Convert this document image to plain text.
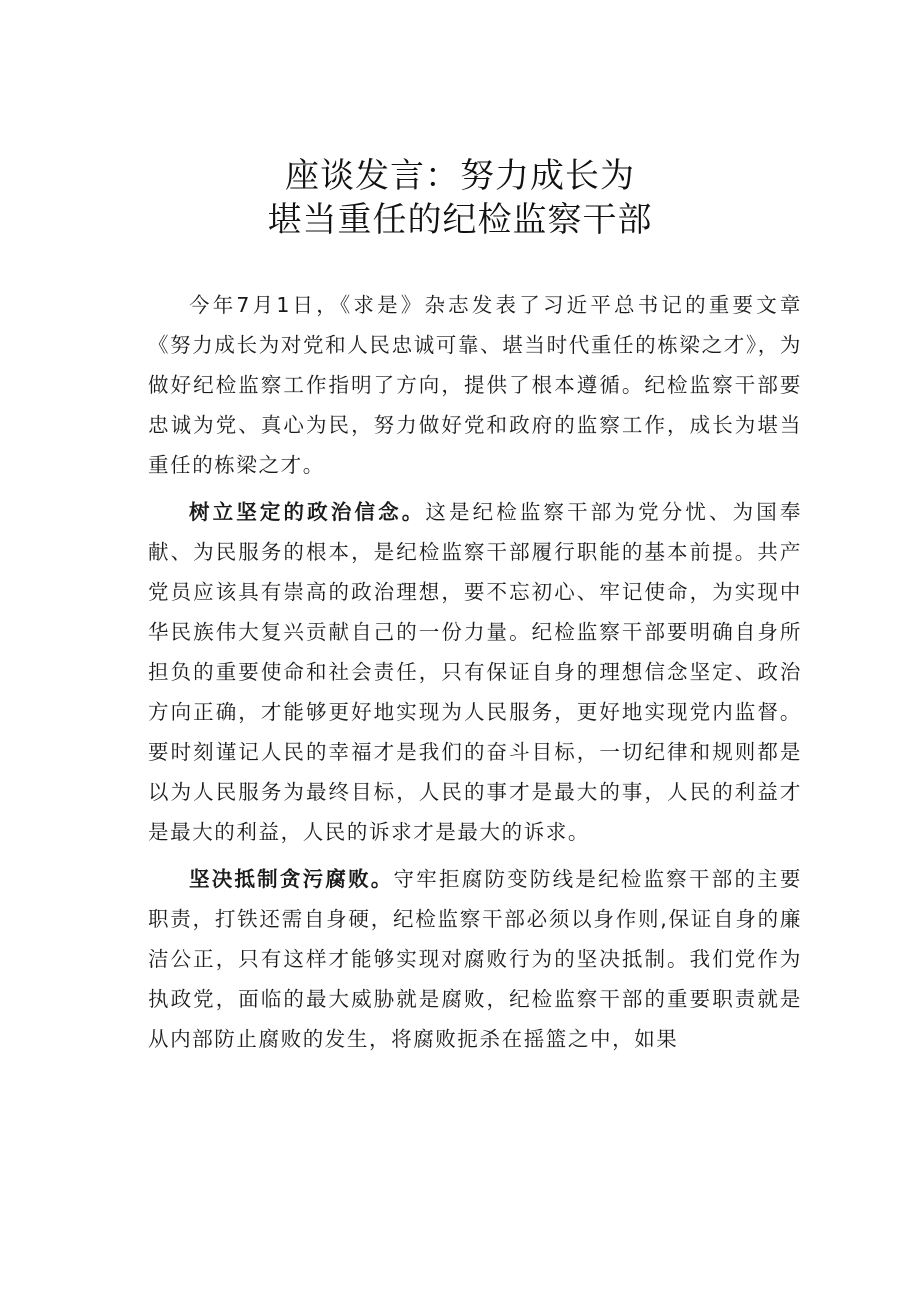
座谈发言：努力成长为
堪当重任的纪检监察干部

今年7月1日，《求是》杂志发表了习近平总书记的重要文章《努力成长为对党和人民忠诚可靠、堪当时代重任的栋梁之才》，为做好纪检监察工作指明了方向，提供了根本遵循。纪检监察干部要忠诚为党、真心为民，努力做好党和政府的监察工作，成长为堪当重任的栋梁之才。

树立坚定的政治信念。这是纪检监察干部为党分忧、为国奉献、为民服务的根本，是纪检监察干部履行职能的基本前提。共产党员应该具有崇高的政治理想，要不忘初心、牢记使命，为实现中华民族伟大复兴贡献自己的一份力量。纪检监察干部要明确自身所担负的重要使命和社会责任，只有保证自身的理想信念坚定、政治方向正确，才能够更好地实现为人民服务，更好地实现党内监督。要时刻谨记人民的幸福才是我们的奋斗目标，一切纪律和规则都是以为人民服务为最终目标，人民的事才是最大的事，人民的利益才是最大的利益，人民的诉求才是最大的诉求。

坚决抵制贪污腐败。守牢拒腐防变防线是纪检监察干部的主要职责，打铁还需自身硬，纪检监察干部必须以身作则,保证自身的廉洁公正，只有这样才能够实现对腐败行为的坚决抵制。我们党作为执政党，面临的最大威胁就是腐败，纪检监察干部的重要职责就是从内部防止腐败的发生，将腐败扼杀在摇篮之中，如果
